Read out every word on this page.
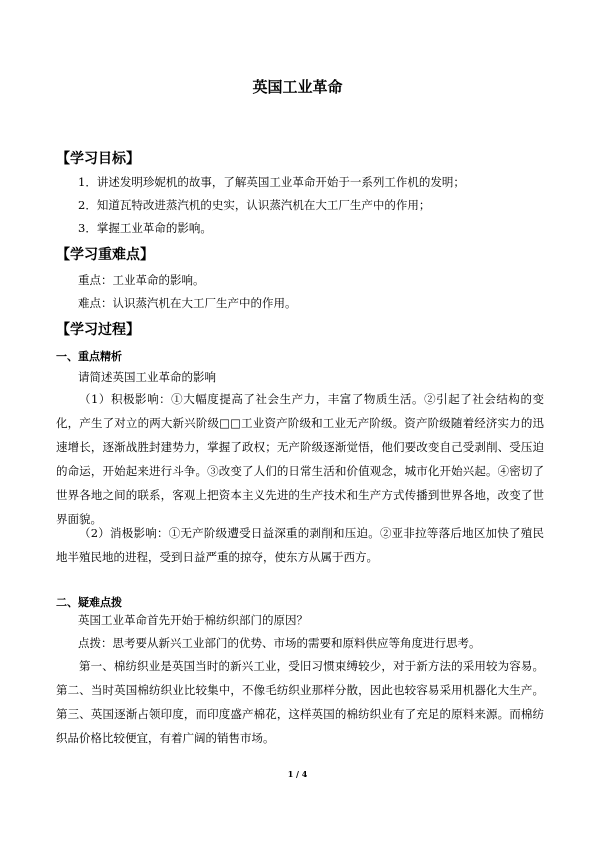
英国工业革命
【学习目标】
1．讲述发明珍妮机的故事，了解英国工业革命开始于一系列工作机的发明；
2．知道瓦特改进蒸汽机的史实，认识蒸汽机在大工厂生产中的作用；
3．掌握工业革命的影响。
【学习重难点】
重点：工业革命的影响。
难点：认识蒸汽机在大工厂生产中的作用。
【学习过程】
一、重点精析
请简述英国工业革命的影响
（1）积极影响：①大幅度提高了社会生产力，丰富了物质生活。②引起了社会结构的变化，产生了对立的两大新兴阶级□□工业资产阶级和工业无产阶级。资产阶级随着经济实力的迅速增长，逐渐战胜封建势力，掌握了政权；无产阶级逐渐觉悟，他们要改变自己受剥削、受压迫的命运，开始起来进行斗争。③改变了人们的日常生活和价值观念，城市化开始兴起。④密切了世界各地之间的联系，客观上把资本主义先进的生产技术和生产方式传播到世界各地，改变了世界面貌。
（2）消极影响：①无产阶级遭受日益深重的剥削和压迫。②亚非拉等落后地区加快了殖民地半殖民地的进程，受到日益严重的掠夺，使东方从属于西方。
二、疑难点拨
英国工业革命首先开始于棉纺织部门的原因？
点拨：思考要从新兴工业部门的优势、市场的需要和原料供应等角度进行思考。
第一、棉纺织业是英国当时的新兴工业，受旧习惯束缚较少，对于新方法的采用较为容易。第二、当时英国棉纺织业比较集中，不像毛纺织业那样分散，因此也较容易采用机器化大生产。第三、英国逐渐占领印度，而印度盛产棉花，这样英国的棉纺织业有了充足的原料来源。而棉纺织品价格比较便宜，有着广阔的销售市场。
1 / 4
